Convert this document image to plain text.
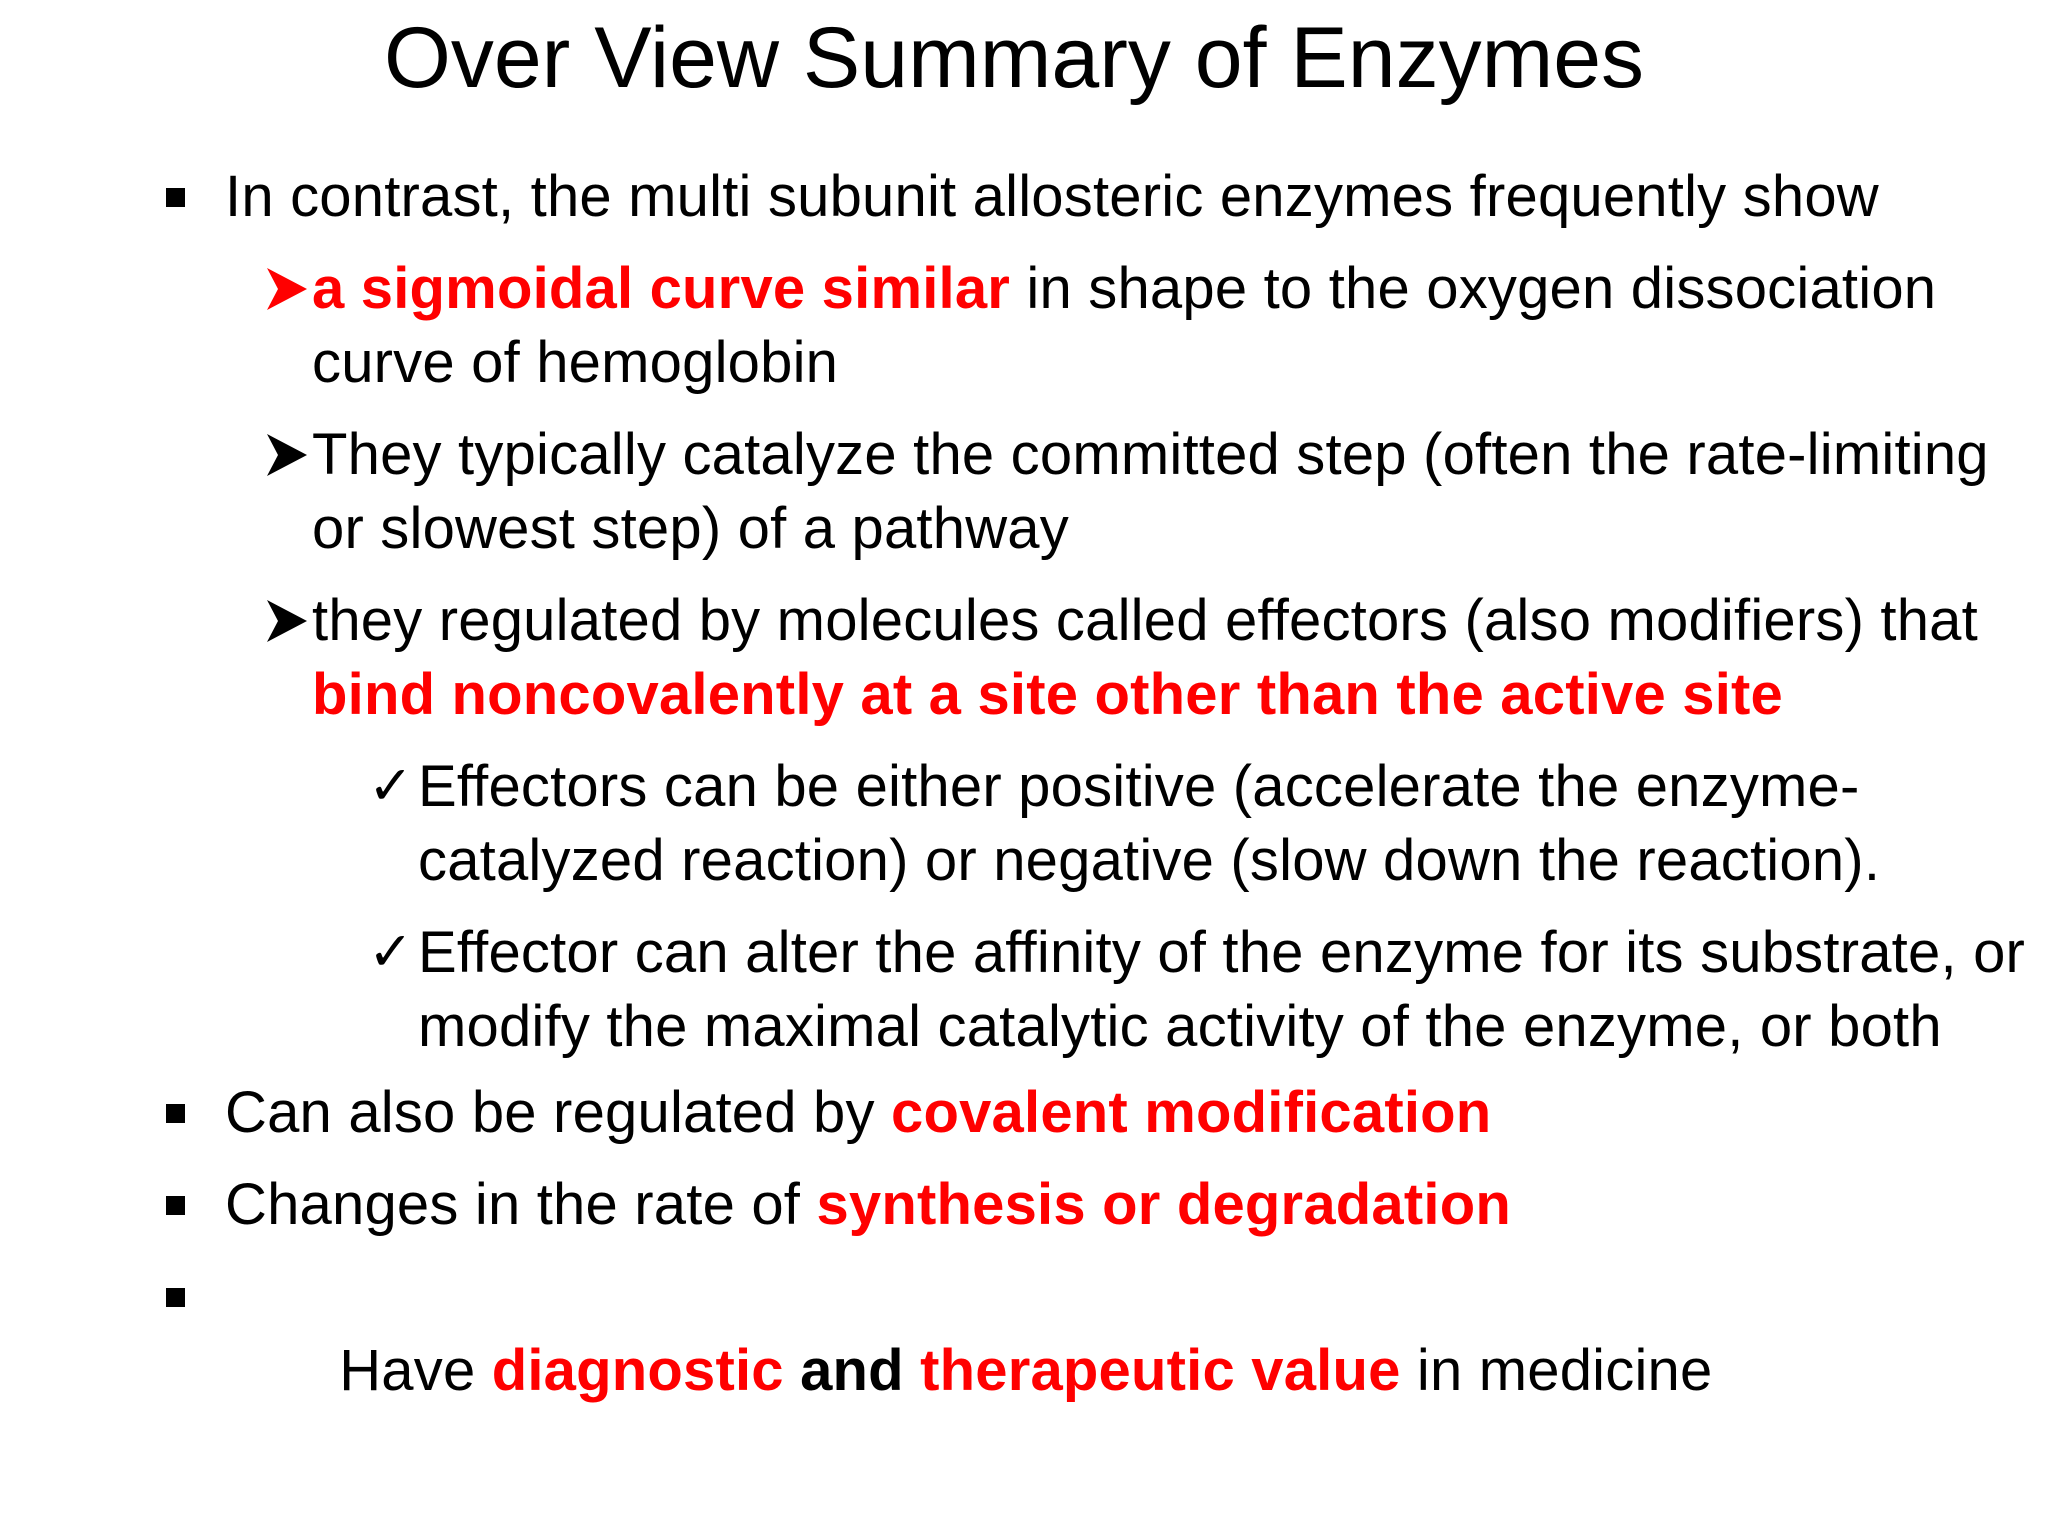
Over View Summary of Enzymes
In contrast, the multi subunit allosteric enzymes frequently show
a sigmoidal curve similar in shape to the oxygen dissociation curve of hemoglobin
They typically catalyze the committed step (often the rate-limiting or slowest step) of a pathway
they regulated by molecules called effectors (also modifiers) that bind noncovalently at a site other than the active site
✓ Effectors can be either positive (accelerate the enzyme-catalyzed reaction) or negative (slow down the reaction).
✓ Effector can alter the affinity of the enzyme for its substrate, or modify the maximal catalytic activity of the enzyme, or both
Can also be regulated by covalent modification
Changes in the rate of synthesis or degradation

Have diagnostic and therapeutic value in medicine
